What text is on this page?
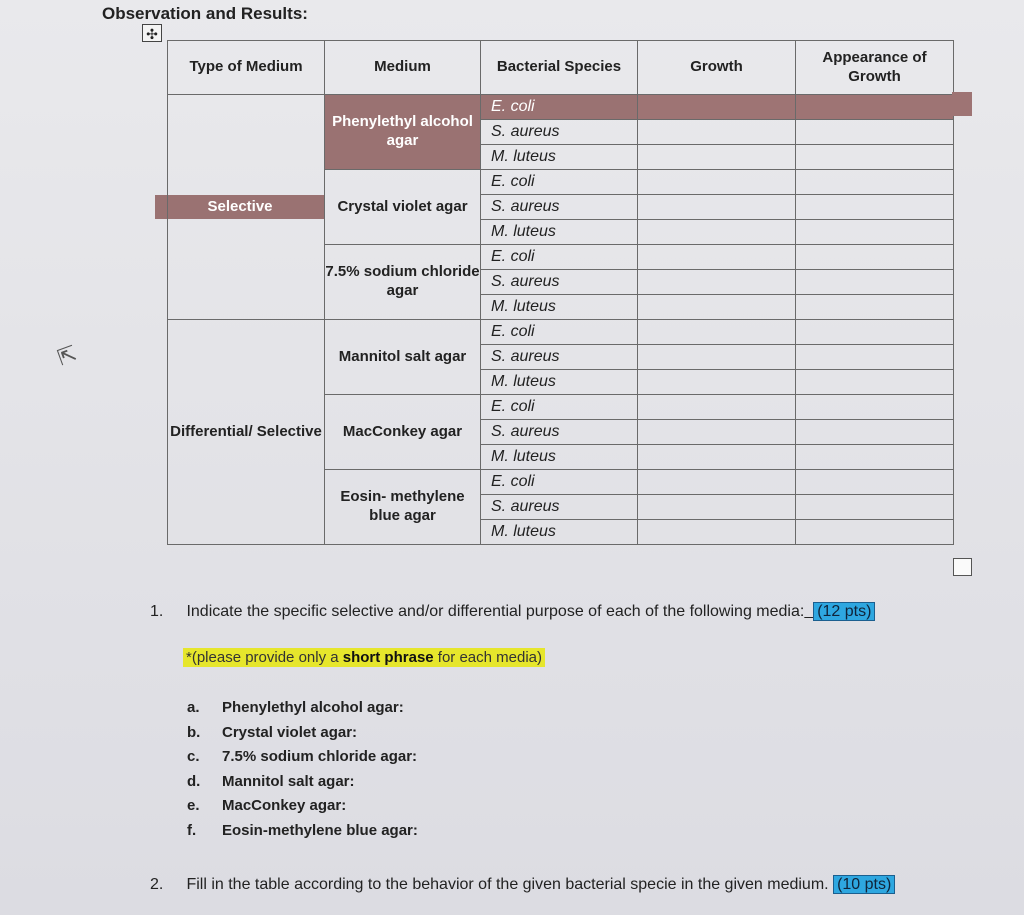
Observation and Results:
✣
⇱
Type of Medium	Medium	Bacterial Species	Growth	Appearance of Growth

Selective	Phenylethyl alcohol agar	E. coli		
		S. aureus		
		M. luteus		
	Crystal violet agar	E. coli		
		S. aureus		
		M. luteus		
	7.5% sodium chloride agar	E. coli		
		S. aureus		
		M. luteus		
Differential/ Selective	Mannitol salt agar	E. coli		
		S. aureus		
		M. luteus		
	MacConkey agar	E. coli		
		S. aureus		
		M. luteus		
	Eosin- methylene blue agar	E. coli		
		S. aureus		
		M. luteus		
1. Indicate the specific selective and/or differential purpose of each of the following media: (12 pts)
*(please provide only a short phrase for each media)
a. Phenylethyl alcohol agar:
b. Crystal violet agar:
c. 7.5% sodium chloride agar:
d. Mannitol salt agar:
e. MacConkey agar:
f. Eosin-methylene blue agar:
2. Fill in the table according to the behavior of the given bacterial specie in the given medium. (10 pts)
